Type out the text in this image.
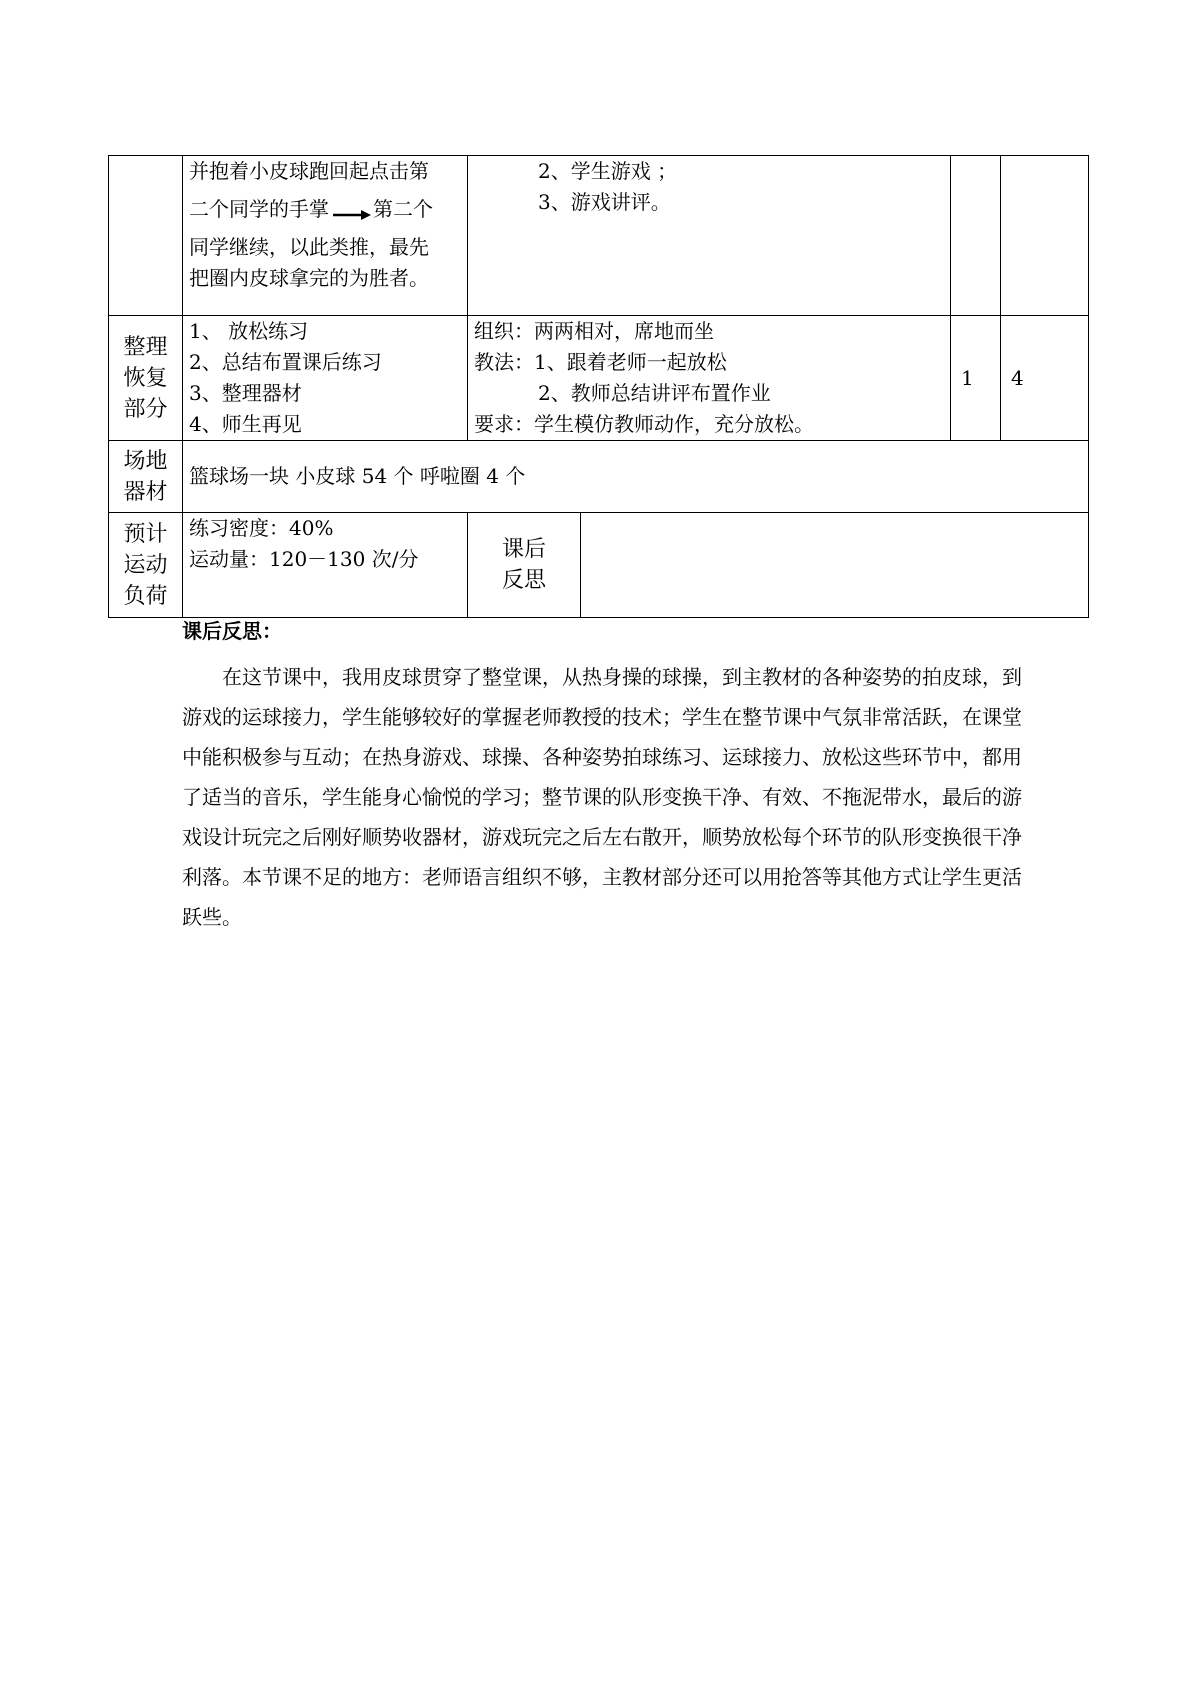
	并抱着小皮球跑回起点击第
二个同学的手掌 第二个
同学继续，以此类推，最先
把圈内皮球拿完的为胜者。	2、学生游戏 ；
3、游戏讲评。			

整理恢复部分	1、 放松练习
2、总结布置课后练习
3、整理器材
4、师生再见	组织：两两相对，席地而坐
教法：1、跟着老师一起放松
2、教师总结讲评布置作业
要求：学生模仿教师动作，充分放松。		1	4
场地器材	篮球场一块 小皮球 54 个 呼啦圈 4 个				
预计运动负荷	练习密度：40%
运动量：120－130 次/分	课后反思			
课后反思：
在这节课中，我用皮球贯穿了整堂课，从热身操的球操，到主教材的各种姿势的拍皮球，到游戏的运球接力，学生能够较好的掌握老师教授的技术；学生在整节课中气氛非常活跃，在课堂中能积极参与互动；在热身游戏、球操、各种姿势拍球练习、运球接力、放松这些环节中，都用了适当的音乐，学生能身心愉悦的学习；整节课的队形变换干净、有效、不拖泥带水，最后的游戏设计玩完之后刚好顺势收器材，游戏玩完之后左右散开，顺势放松每个环节的队形变换很干净利落。本节课不足的地方：老师语言组织不够，主教材部分还可以用抢答等其他方式让学生更活跃些。
